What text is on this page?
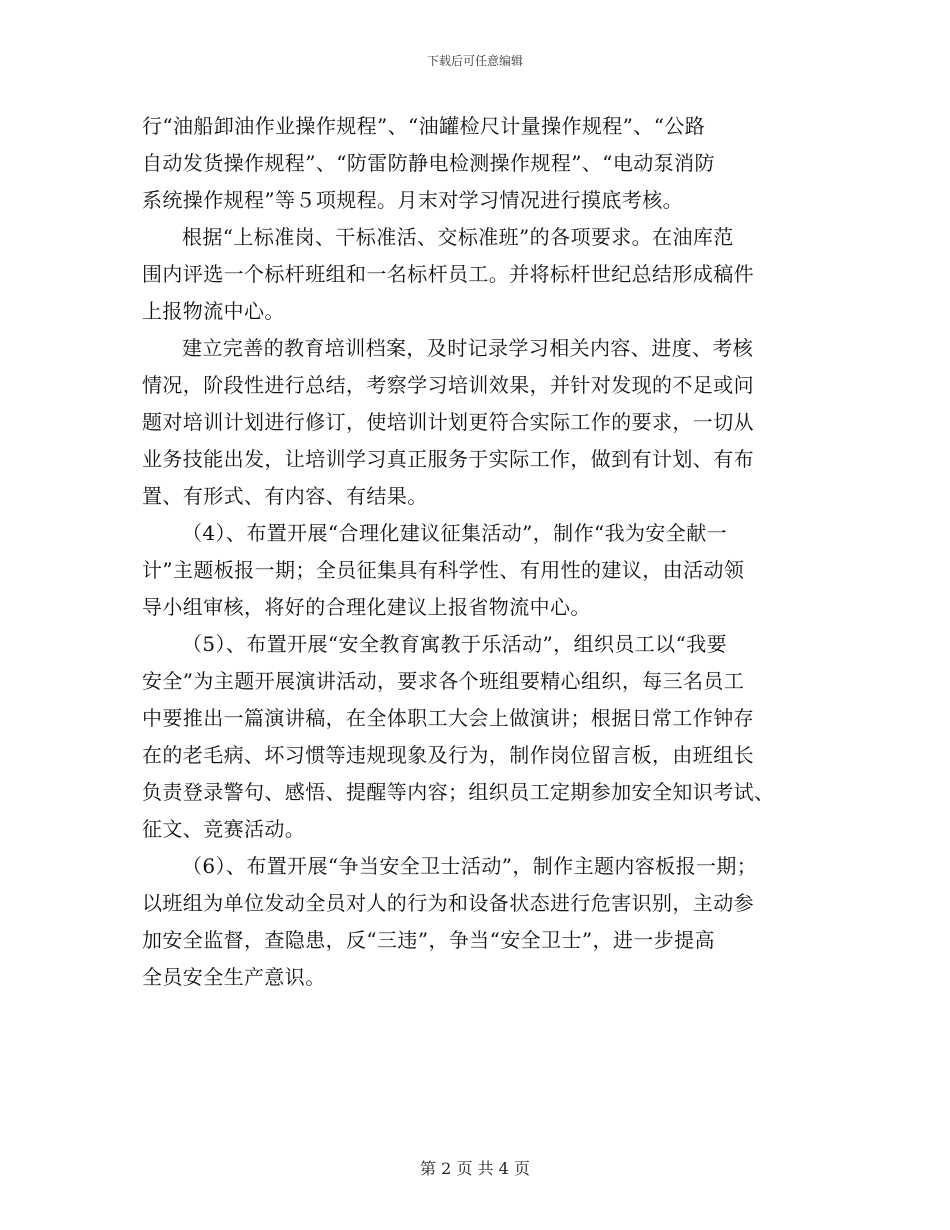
下载后可任意编辑

行“油船卸油作业操作规程”、“油罐检尺计量操作规程”、“公路
自动发货操作规程”、“防雷防静电检测操作规程”、“电动泵消防
系统操作规程”等５项规程。月末对学习情况进行摸底考核。

根据“上标准岗、干标准活、交标准班”的各项要求。在油库范
围内评选一个标杆班组和一名标杆员工。并将标杆世纪总结形成稿件
上报物流中心。

建立完善的教育培训档案，及时记录学习相关内容、进度、考核
情况，阶段性进行总结，考察学习培训效果，并针对发现的不足或问
题对培训计划进行修订，使培训计划更符合实际工作的要求，一切从
业务技能出发，让培训学习真正服务于实际工作，做到有计划、有布
置、有形式、有内容、有结果。

（4）、布置开展“合理化建议征集活动”，制作“我为安全献一
计”主题板报一期；全员征集具有科学性、有用性的建议，由活动领
导小组审核，将好的合理化建议上报省物流中心。

（5）、布置开展“安全教育寓教于乐活动”，组织员工以“我要
安全”为主题开展演讲活动，要求各个班组要精心组织，每三名员工
中要推出一篇演讲稿，在全体职工大会上做演讲；根据日常工作钟存
在的老毛病、坏习惯等违规现象及行为，制作岗位留言板，由班组长
负责登录警句、感悟、提醒等内容；组织员工定期参加安全知识考试、
征文、竞赛活动。

（6）、布置开展“争当安全卫士活动”，制作主题内容板报一期；
以班组为单位发动全员对人的行为和设备状态进行危害识别，主动参
加安全监督，查隐患，反“三违”，争当“安全卫士”，进一步提高
全员安全生产意识。

第 2 页 共 4 页
